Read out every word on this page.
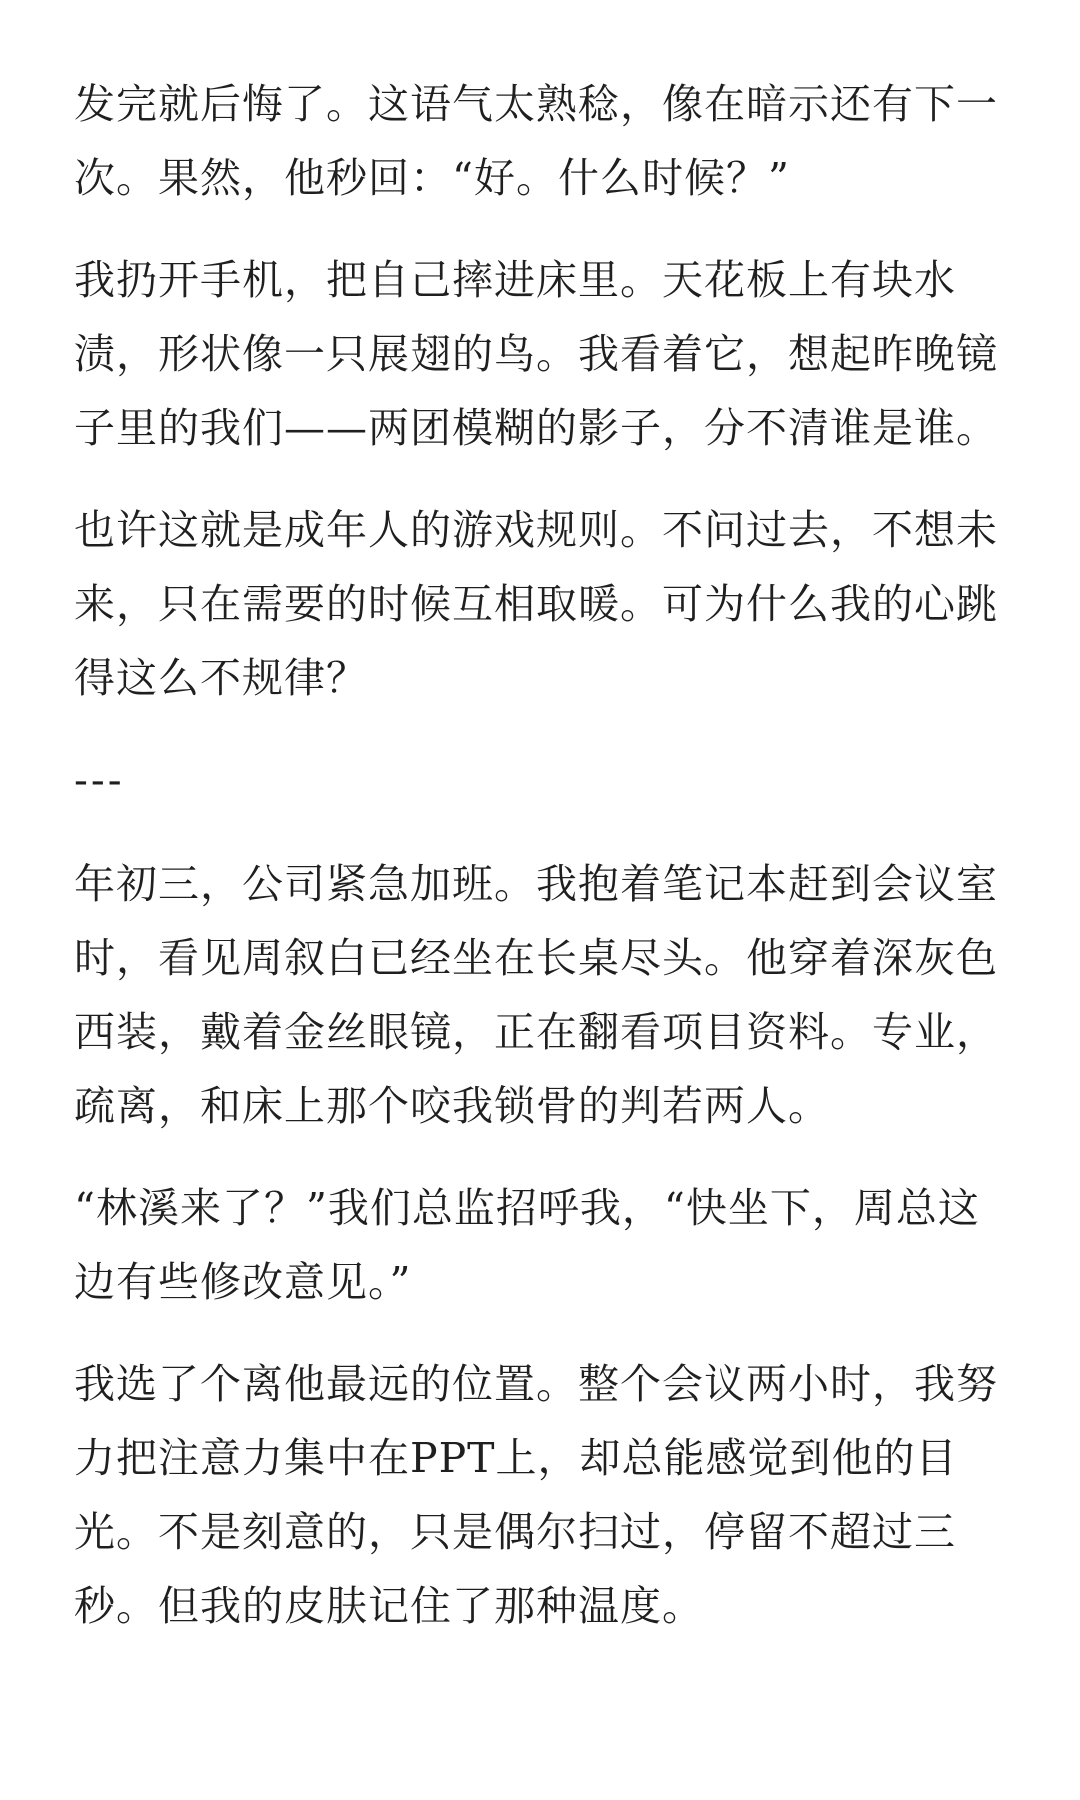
发完就后悔了。这语气太熟稔，像在暗示还有下一次。果然，他秒回：“好。什么时候？”

我扔开手机，把自己摔进床里。天花板上有块水渍，形状像一只展翅的鸟。我看着它，想起昨晚镜子里的我们——两团模糊的影子，分不清谁是谁。

也许这就是成年人的游戏规则。不问过去，不想未来，只在需要的时候互相取暖。可为什么我的心跳得这么不规律？

---

年初三，公司紧急加班。我抱着笔记本赶到会议室时，看见周叙白已经坐在长桌尽头。他穿着深灰色西装，戴着金丝眼镜，正在翻看项目资料。专业，疏离，和床上那个咬我锁骨的判若两人。

“林溪来了？”我们总监招呼我，“快坐下，周总这边有些修改意见。”

我选了个离他最远的位置。整个会议两小时，我努力把注意力集中在PPT上，却总能感觉到他的目光。不是刻意的，只是偶尔扫过，停留不超过三秒。但我的皮肤记住了那种温度。
